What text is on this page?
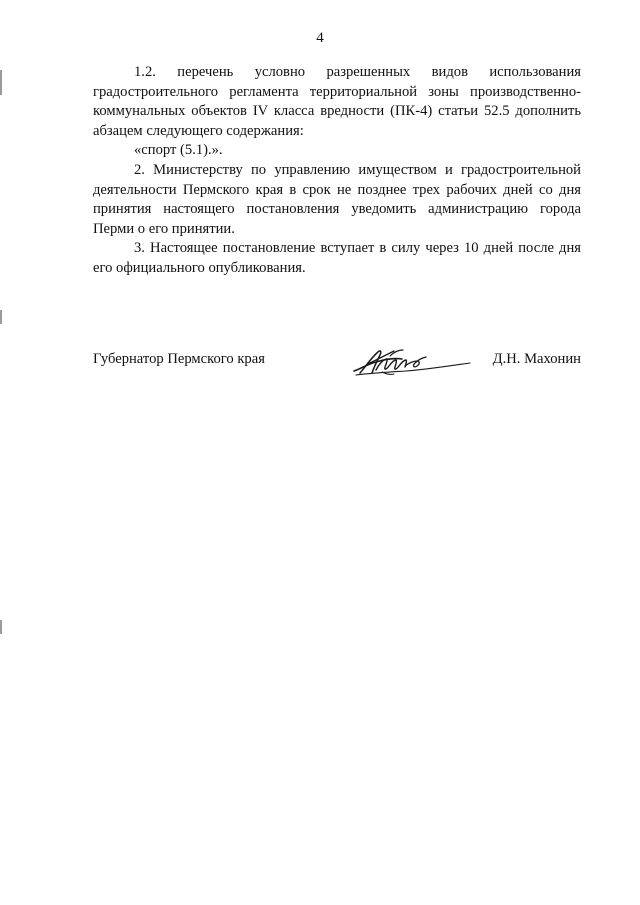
4

1.2. перечень условно разрешенных видов использования градостроительного регламента территориальной зоны производственно-коммунальных объектов IV класса вредности (ПК-4) статьи 52.5 дополнить абзацем следующего содержания:

«спорт (5.1).».

2. Министерству по управлению имуществом и градостроительной деятельности Пермского края в срок не позднее трех рабочих дней со дня принятия настоящего постановления уведомить администрацию города Перми о его принятии.

3. Настоящее постановление вступает в силу через 10 дней после дня его официального опубликования.

Губернатор Пермского края	Д.Н. Махонин
